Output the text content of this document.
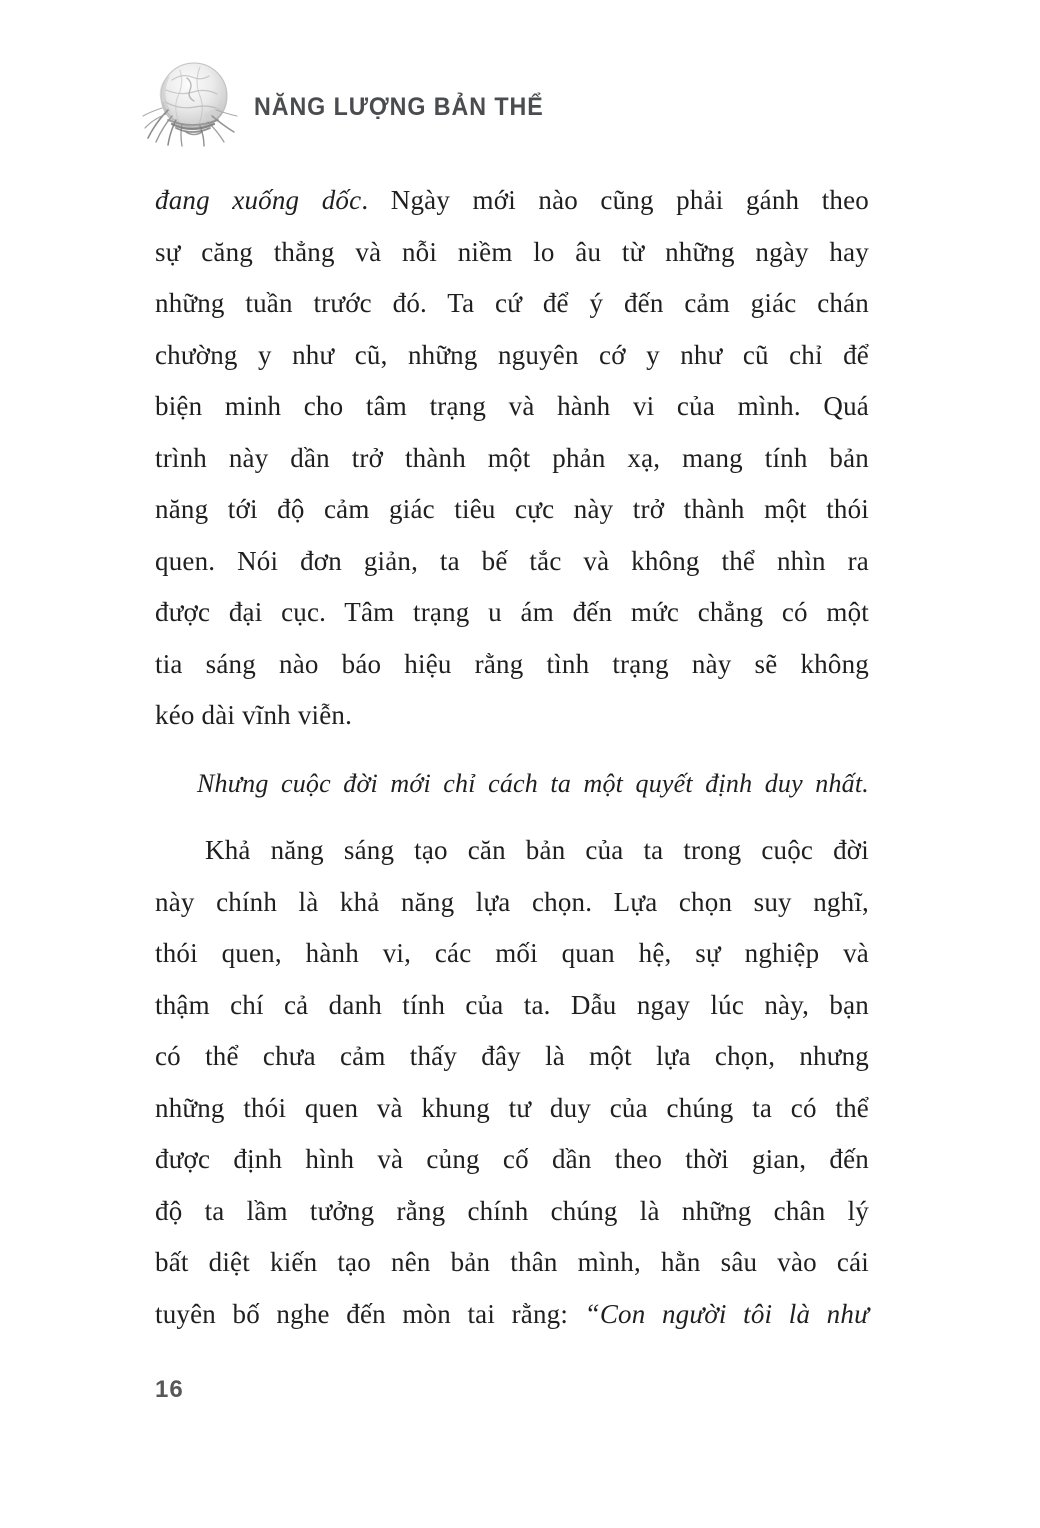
NĂNG LƯỢNG BẢN THỂ
đang xuống dốc. Ngày mới nào cũng phải gánh theo
sự căng thẳng và nỗi niềm lo âu từ những ngày hay
những tuần trước đó. Ta cứ để ý đến cảm giác chán
chường y như cũ, những nguyên cớ y như cũ chỉ để
biện minh cho tâm trạng và hành vi của mình. Quá
trình này dần trở thành một phản xạ, mang tính bản
năng tới độ cảm giác tiêu cực này trở thành một thói
quen. Nói đơn giản, ta bế tắc và không thể nhìn ra
được đại cục. Tâm trạng u ám đến mức chẳng có một
tia sáng nào báo hiệu rằng tình trạng này sẽ không
kéo dài vĩnh viễn.
Nhưng cuộc đời mới chỉ cách ta một quyết định duy nhất.
Khả năng sáng tạo căn bản của ta trong cuộc đời
này chính là khả năng lựa chọn. Lựa chọn suy nghĩ,
thói quen, hành vi, các mối quan hệ, sự nghiệp và
thậm chí cả danh tính của ta. Dẫu ngay lúc này, bạn
có thể chưa cảm thấy đây là một lựa chọn, nhưng
những thói quen và khung tư duy của chúng ta có thể
được định hình và củng cố dần theo thời gian, đến
độ ta lầm tưởng rằng chính chúng là những chân lý
bất diệt kiến tạo nên bản thân mình, hằn sâu vào cái
tuyên bố nghe đến mòn tai rằng: “Con người tôi là như
16
